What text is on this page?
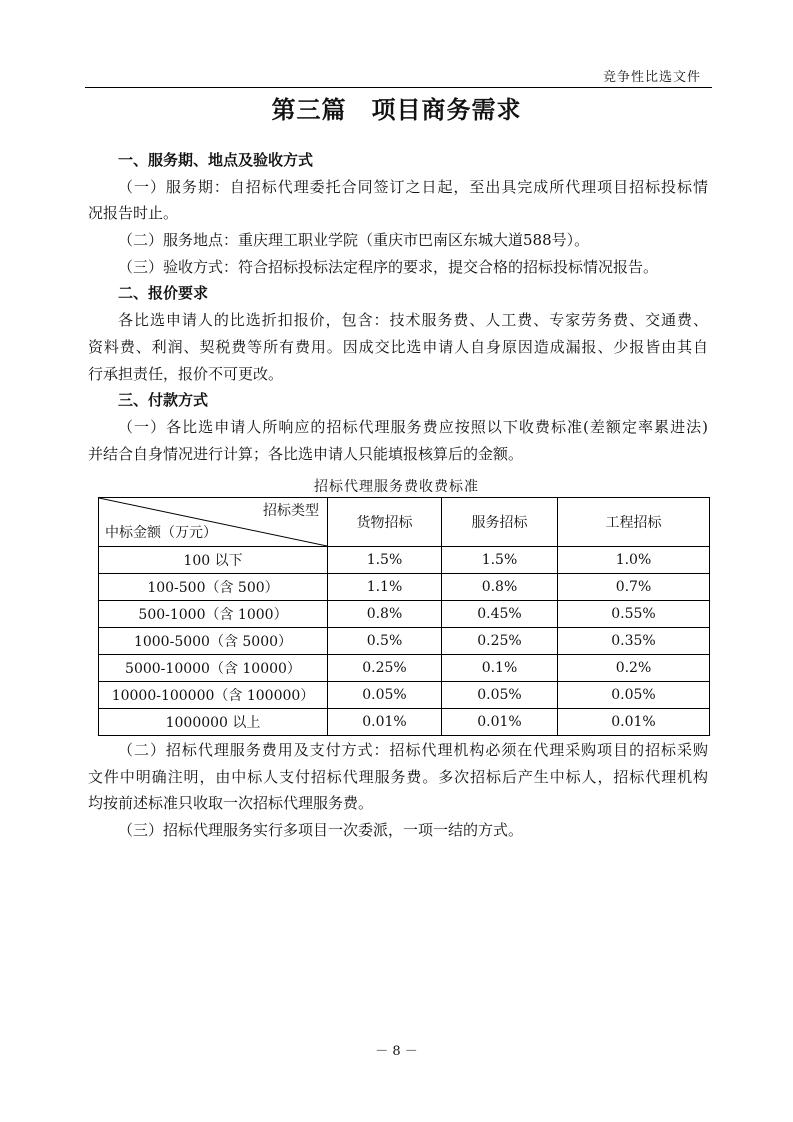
竞争性比选文件
第三篇　项目商务需求
一、服务期、地点及验收方式
（一）服务期：自招标代理委托合同签订之日起，至出具完成所代理项目招标投标情
况报告时止。
（二）服务地点：重庆理工职业学院（重庆市巴南区东城大道588号）。
（三）验收方式：符合招标投标法定程序的要求，提交合格的招标投标情况报告。
二、报价要求
各比选申请人的比选折扣报价，包含：技术服务费、人工费、专家劳务费、交通费、
资料费、利润、契税费等所有费用。因成交比选申请人自身原因造成漏报、少报皆由其自
行承担责任，报价不可更改。
三、付款方式
（一）各比选申请人所响应的招标代理服务费应按照以下收费标准(差额定率累进法)
并结合自身情况进行计算；各比选申请人只能填报核算后的金额。
招标代理服务费收费标准
招标类型
中标金额（万元）	货物招标	服务招标	工程招标
100 以下	1.5%	1.5%	1.0%
100-500（含 500）	1.1%	0.8%	0.7%
500-1000（含 1000）	0.8%	0.45%	0.55%
1000-5000（含 5000）	0.5%	0.25%	0.35%
5000-10000（含 10000）	0.25%	0.1%	0.2%
10000-100000（含 100000）	0.05%	0.05%	0.05%
1000000 以上	0.01%	0.01%	0.01%
（二）招标代理服务费用及支付方式：招标代理机构必须在代理采购项目的招标采购
文件中明确注明，由中标人支付招标代理服务费。多次招标后产生中标人，招标代理机构
均按前述标准只收取一次招标代理服务费。
（三）招标代理服务实行多项目一次委派，一项一结的方式。
－ 8 －
